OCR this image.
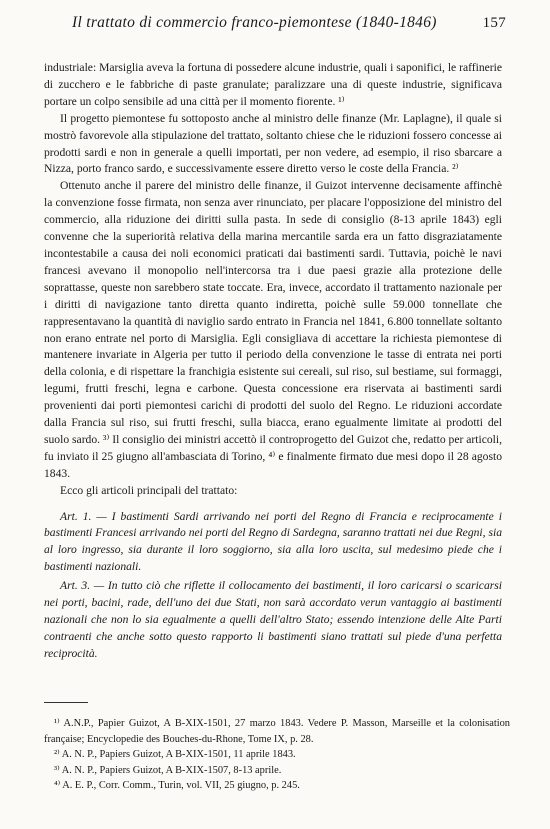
Il trattato di commercio franco-piemontese (1840-1846)	157

industriale: Marsiglia aveva la fortuna di possedere alcune industrie, quali i saponifici, le raffinerie di zucchero e le fabbriche di paste granulate; paralizzare una di queste industrie, significava portare un colpo sensibile ad una città per il momento fiorente. ¹⁾

Il progetto piemontese fu sottoposto anche al ministro delle finanze (Mr. Laplagne), il quale si mostrò favorevole alla stipulazione del trattato, soltanto chiese che le riduzioni fossero concesse ai prodotti sardi e non in generale a quelli importati, per non vedere, ad esempio, il riso sbarcare a Nizza, porto franco sardo, e successivamente essere diretto verso le coste della Francia. ²⁾

Ottenuto anche il parere del ministro delle finanze, il Guizot intervenne decisamente affinchè la convenzione fosse firmata, non senza aver rinunciato, per placare l'opposizione del ministro del commercio, alla riduzione dei diritti sulla pasta. In sede di consiglio (8-13 aprile 1843) egli convenne che la superiorità relativa della marina mercantile sarda era un fatto disgraziatamente incontestabile a causa dei noli economici praticati dai bastimenti sardi. Tuttavia, poichè le navi francesi avevano il monopolio nell'intercorsa tra i due paesi grazie alla protezione delle soprattasse, queste non sarebbero state toccate. Era, invece, accordato il trattamento nazionale per i diritti di navigazione tanto diretta quanto indiretta, poichè sulle 59.000 tonnellate che rappresentavano la quantità di naviglio sardo entrato in Francia nel 1841, 6.800 tonnellate soltanto non erano entrate nel porto di Marsiglia. Egli consigliava di accettare la richiesta piemontese di mantenere invariate in Algeria per tutto il periodo della convenzione le tasse di entrata nei porti della colonia, e di rispettare la franchigia esistente sui cereali, sul riso, sul bestiame, sui formaggi, legumi, frutti freschi, legna e carbone. Questa concessione era riservata ai bastimenti sardi provenienti dai porti piemontesi carichi di prodotti del suolo del Regno. Le riduzioni accordate dalla Francia sul riso, sui frutti freschi, sulla biacca, erano egualmente limitate ai prodotti del suolo sardo. ³⁾ Il consiglio dei ministri accettò il controprogetto del Guizot che, redatto per articoli, fu inviato il 25 giugno all'ambasciata di Torino, ⁴⁾ e finalmente firmato due mesi dopo il 28 agosto 1843.

Ecco gli articoli principali del trattato:

Art. 1. — I bastimenti Sardi arrivando nei porti del Regno di Francia e reciprocamente i bastimenti Francesi arrivando nei porti del Regno di Sardegna, saranno trattati nei due Regni, sia al loro ingresso, sia durante il loro soggiorno, sia alla loro uscita, sul medesimo piede che i bastimenti nazionali.

Art. 3. — In tutto ciò che riflette il collocamento dei bastimenti, il loro caricarsi o scaricarsi nei porti, bacini, rade, dell'uno dei due Stati, non sarà accordato verun vantaggio ai bastimenti nazionali che non lo sia egualmente a quelli dell'altro Stato; essendo intenzione delle Alte Parti contraenti che anche sotto questo rapporto li bastimenti siano trattati sul piede d'una perfetta reciprocità.

¹⁾ A.N.P., Papier Guizot, A B-XIX-1501, 27 marzo 1843. Vedere P. Masson, Marseille et la colonisation française; Encyclopedie des Bouches-du-Rhone, Tome IX, p. 28.
²⁾ A. N. P., Papiers Guizot, A B-XIX-1501, 11 aprile 1843.
³⁾ A. N. P., Papiers Guizot, A B-XIX-1507, 8-13 aprile.
⁴⁾ A. E. P., Corr. Comm., Turin, vol. VII, 25 giugno, p. 245.
